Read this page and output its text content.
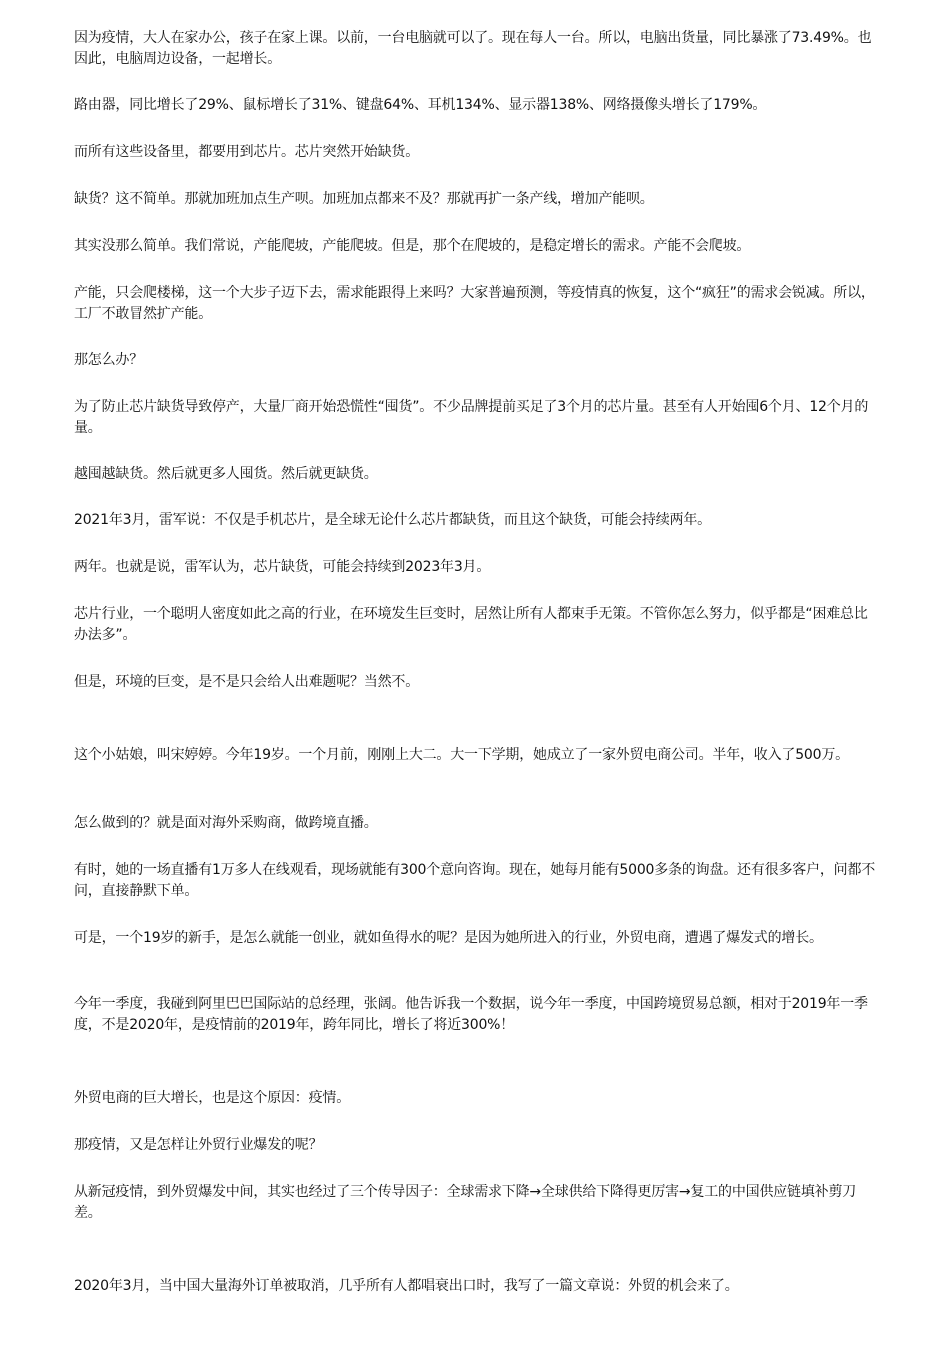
因为疫情，大人在家办公，孩子在家上课。以前，一台电脑就可以了。现在每人一台。所以，电脑出货量，同比暴涨了73.49%。也因此，电脑周边设备，一起增长。

路由器，同比增长了29%、鼠标增长了31%、键盘64%、耳机134%、显示器138%、网络摄像头增长了179%。

而所有这些设备里，都要用到芯片。芯片突然开始缺货。

缺货？这不简单。那就加班加点生产呗。加班加点都来不及？那就再扩一条产线，增加产能呗。

其实没那么简单。我们常说，产能爬坡，产能爬坡。但是，那个在爬坡的，是稳定增长的需求。产能不会爬坡。

产能，只会爬楼梯，这一个大步子迈下去，需求能跟得上来吗？大家普遍预测，等疫情真的恢复，这个“疯狂”的需求会锐减。所以，工厂不敢冒然扩产能。

那怎么办？

为了防止芯片缺货导致停产，大量厂商开始恐慌性“囤货”。不少品牌提前买足了3个月的芯片量。甚至有人开始囤6个月、12个月的量。

越囤越缺货。然后就更多人囤货。然后就更缺货。

2021年3月，雷军说：不仅是手机芯片，是全球无论什么芯片都缺货，而且这个缺货，可能会持续两年。

两年。也就是说，雷军认为，芯片缺货，可能会持续到2023年3月。

芯片行业，一个聪明人密度如此之高的行业，在环境发生巨变时，居然让所有人都束手无策。不管你怎么努力，似乎都是“困难总比办法多”。

但是，环境的巨变，是不是只会给人出难题呢？当然不。

这个小姑娘，叫宋婷婷。今年19岁。一个月前，刚刚上大二。大一下学期，她成立了一家外贸电商公司。半年，收入了500万。

怎么做到的？就是面对海外采购商，做跨境直播。

有时，她的一场直播有1万多人在线观看，现场就能有300个意向咨询。现在，她每月能有5000多条的询盘。还有很多客户，问都不问，直接静默下单。

可是，一个19岁的新手，是怎么就能一创业，就如鱼得水的呢？是因为她所进入的行业，外贸电商，遭遇了爆发式的增长。

今年一季度，我碰到阿里巴巴国际站的总经理，张阔。他告诉我一个数据，说今年一季度，中国跨境贸易总额，相对于2019年一季度，不是2020年，是疫情前的2019年，跨年同比，增长了将近300%！

外贸电商的巨大增长，也是这个原因：疫情。

那疫情，又是怎样让外贸行业爆发的呢？

从新冠疫情，到外贸爆发中间，其实也经过了三个传导因子：全球需求下降→全球供给下降得更厉害→复工的中国供应链填补剪刀差。

2020年3月，当中国大量海外订单被取消，几乎所有人都唱衰出口时，我写了一篇文章说：外贸的机会来了。
